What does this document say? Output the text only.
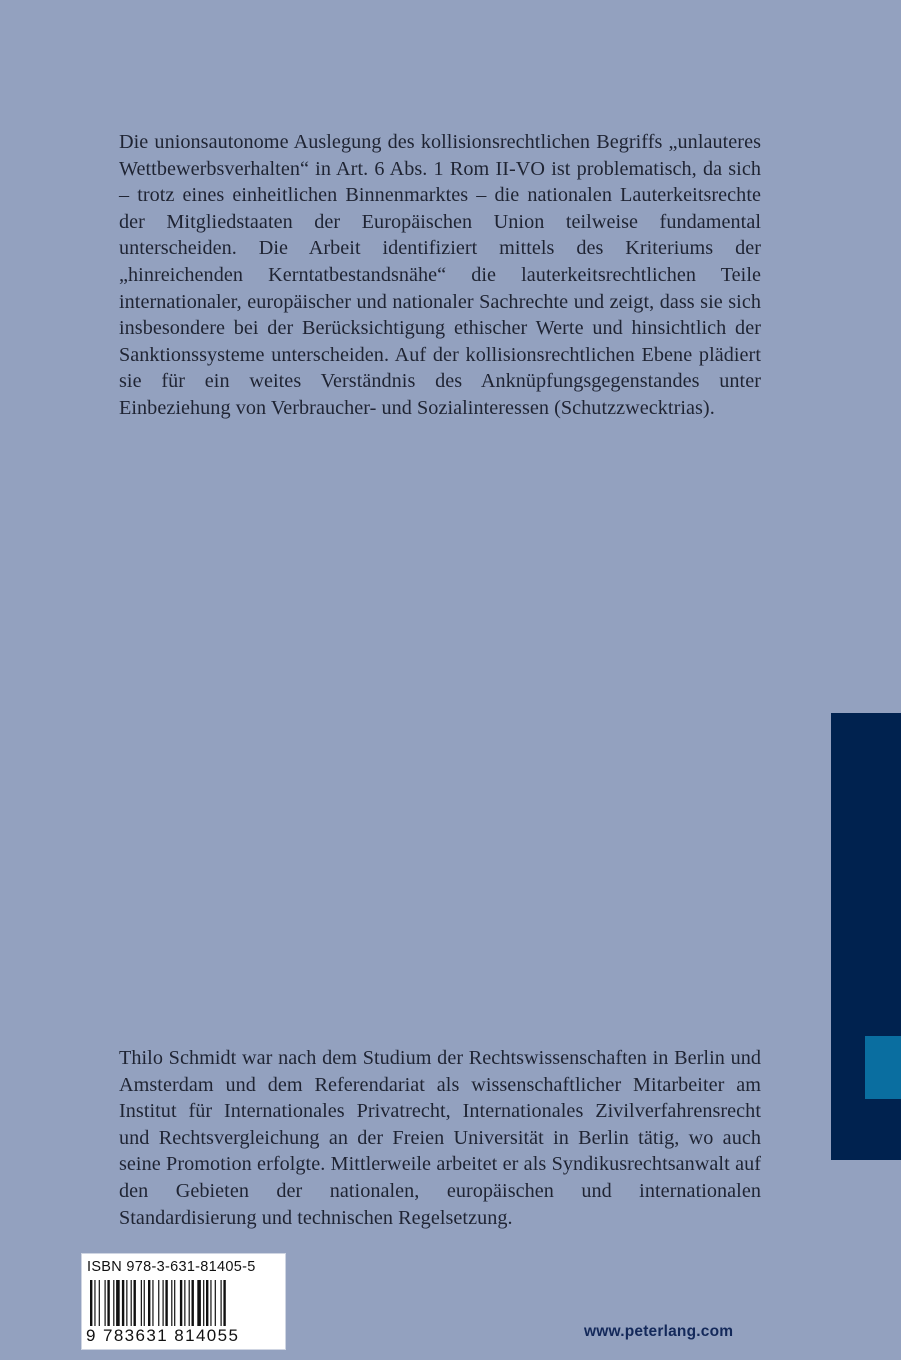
Die unionsautonome Auslegung des kollisionsrechtlichen Begriffs „unlauteres Wettbewerbsverhalten“ in Art. 6 Abs. 1 Rom II-VO ist problematisch, da sich – trotz eines einheitlichen Binnenmarktes – die nationalen Lauterkeitsrechte der Mitgliedstaaten der Europäischen Union teilweise fundamental unterscheiden. Die Arbeit identifiziert mittels des Kriteriums der „hinreichenden Kerntatbestandsnähe“ die lauterkeitsrechtlichen Teile internationaler, europäischer und nationaler Sachrechte und zeigt, dass sie sich insbesondere bei der Berücksichtigung ethischer Werte und hinsichtlich der Sanktionssysteme unterscheiden. Auf der kollisionsrechtlichen Ebene plädiert sie für ein weites Verständnis des Anknüpfungsgegenstandes unter Einbeziehung von Verbraucher- und Sozialinteressen (Schutzzwecktrias).
Thilo Schmidt war nach dem Studium der Rechtswissenschaften in Berlin und Amsterdam und dem Referendariat als wissenschaftlicher Mitarbeiter am Institut für Internationales Privatrecht, Internationales Zivilverfahrensrecht und Rechtsvergleichung an der Freien Universität in Berlin tätig, wo auch seine Promotion erfolgte. Mittlerweile arbeitet er als Syndikusrechtsanwalt auf den Gebieten der nationalen, europäischen und internationalen Standardisierung und technischen Regelsetzung.
ISBN 978-3-631-81405-5
9 783631 814055	www.peterlang.com
